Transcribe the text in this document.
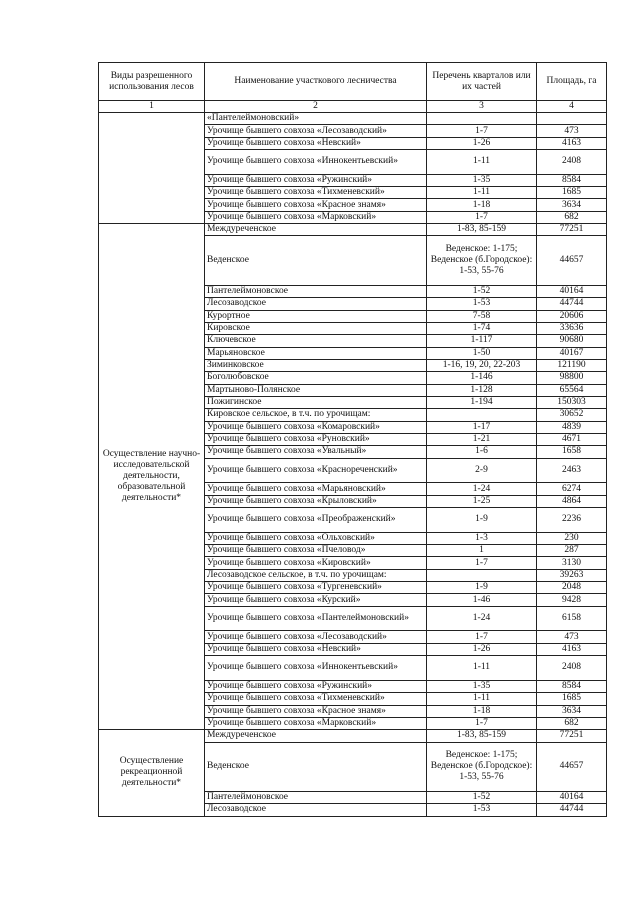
Виды разрешенного использования лесов	Наименование участкового лесничества	Перечень кварталов или их частей	Площадь, га
1	2	3	4
	«Пантелеймоновский»		
	Урочище бывшего совхоза «Лесозаводский»	1-7	473
	Урочище бывшего совхоза «Невский»	1-26	4163
	Урочище бывшего совхоза «Иннокентьевский»	1-11	2408
	Урочище бывшего совхоза «Ружинский»	1-35	8584
	Урочище бывшего совхоза «Тихменевский»	1-11	1685
	Урочище бывшего совхоза «Красное знамя»	1-18	3634
	Урочище бывшего совхоза «Марковский»	1-7	682
Осуществление научно-исследовательской деятельности, образовательной деятельности*	Междуреченское	1-83, 85-159	77251
	Веденское	Веденское: 1-175; Веденское (б.Городское): 1-53, 55-76	44657
	Пантелеймоновское	1-52	40164
	Лесозаводское	1-53	44744
	Курортное	7-58	20606
	Кировское	1-74	33636
	Ключевское	1-117	90680
	Марьяновское	1-50	40167
	Зиминковское	1-16, 19, 20, 22-203	121190
	Боголюбовское	1-146	98800
	Мартыново-Полянское	1-128	65564
	Пожигинское	1-194	150303
	Кировское сельское, в т.ч. по урочищам:		30652
	Урочище бывшего совхоза «Комаровский»	1-17	4839
	Урочище бывшего совхоза «Руновский»	1-21	4671
	Урочище бывшего совхоза «Увальный»	1-6	1658
	Урочище бывшего совхоза «Краснореченский»	2-9	2463
	Урочище бывшего совхоза «Марьяновский»	1-24	6274
	Урочище бывшего совхоза «Крыловский»	1-25	4864
	Урочище бывшего совхоза «Преображенский»	1-9	2236
	Урочище бывшего совхоза «Ольховский»	1-3	230
	Урочище бывшего совхоза «Пчеловод»	1	287
	Урочище бывшего совхоза «Кировский»	1-7	3130
	Лесозаводское сельское, в т.ч. по урочищам:		39263
	Урочище бывшего совхоза «Тургеневский»	1-9	2048
	Урочище бывшего совхоза «Курский»	1-46	9428
	Урочище бывшего совхоза «Пантелеймоновский»	1-24	6158
	Урочище бывшего совхоза «Лесозаводский»	1-7	473
	Урочище бывшего совхоза «Невский»	1-26	4163
	Урочище бывшего совхоза «Иннокентьевский»	1-11	2408
	Урочище бывшего совхоза «Ружинский»	1-35	8584
	Урочище бывшего совхоза «Тихменевский»	1-11	1685
	Урочище бывшего совхоза «Красное знамя»	1-18	3634
	Урочище бывшего совхоза «Марковский»	1-7	682
Осуществление рекреационной деятельности*	Междуреченское	1-83, 85-159	77251
	Веденское	Веденское: 1-175; Веденское (б.Городское): 1-53, 55-76	44657
	Пантелеймоновское	1-52	40164
	Лесозаводское	1-53	44744
